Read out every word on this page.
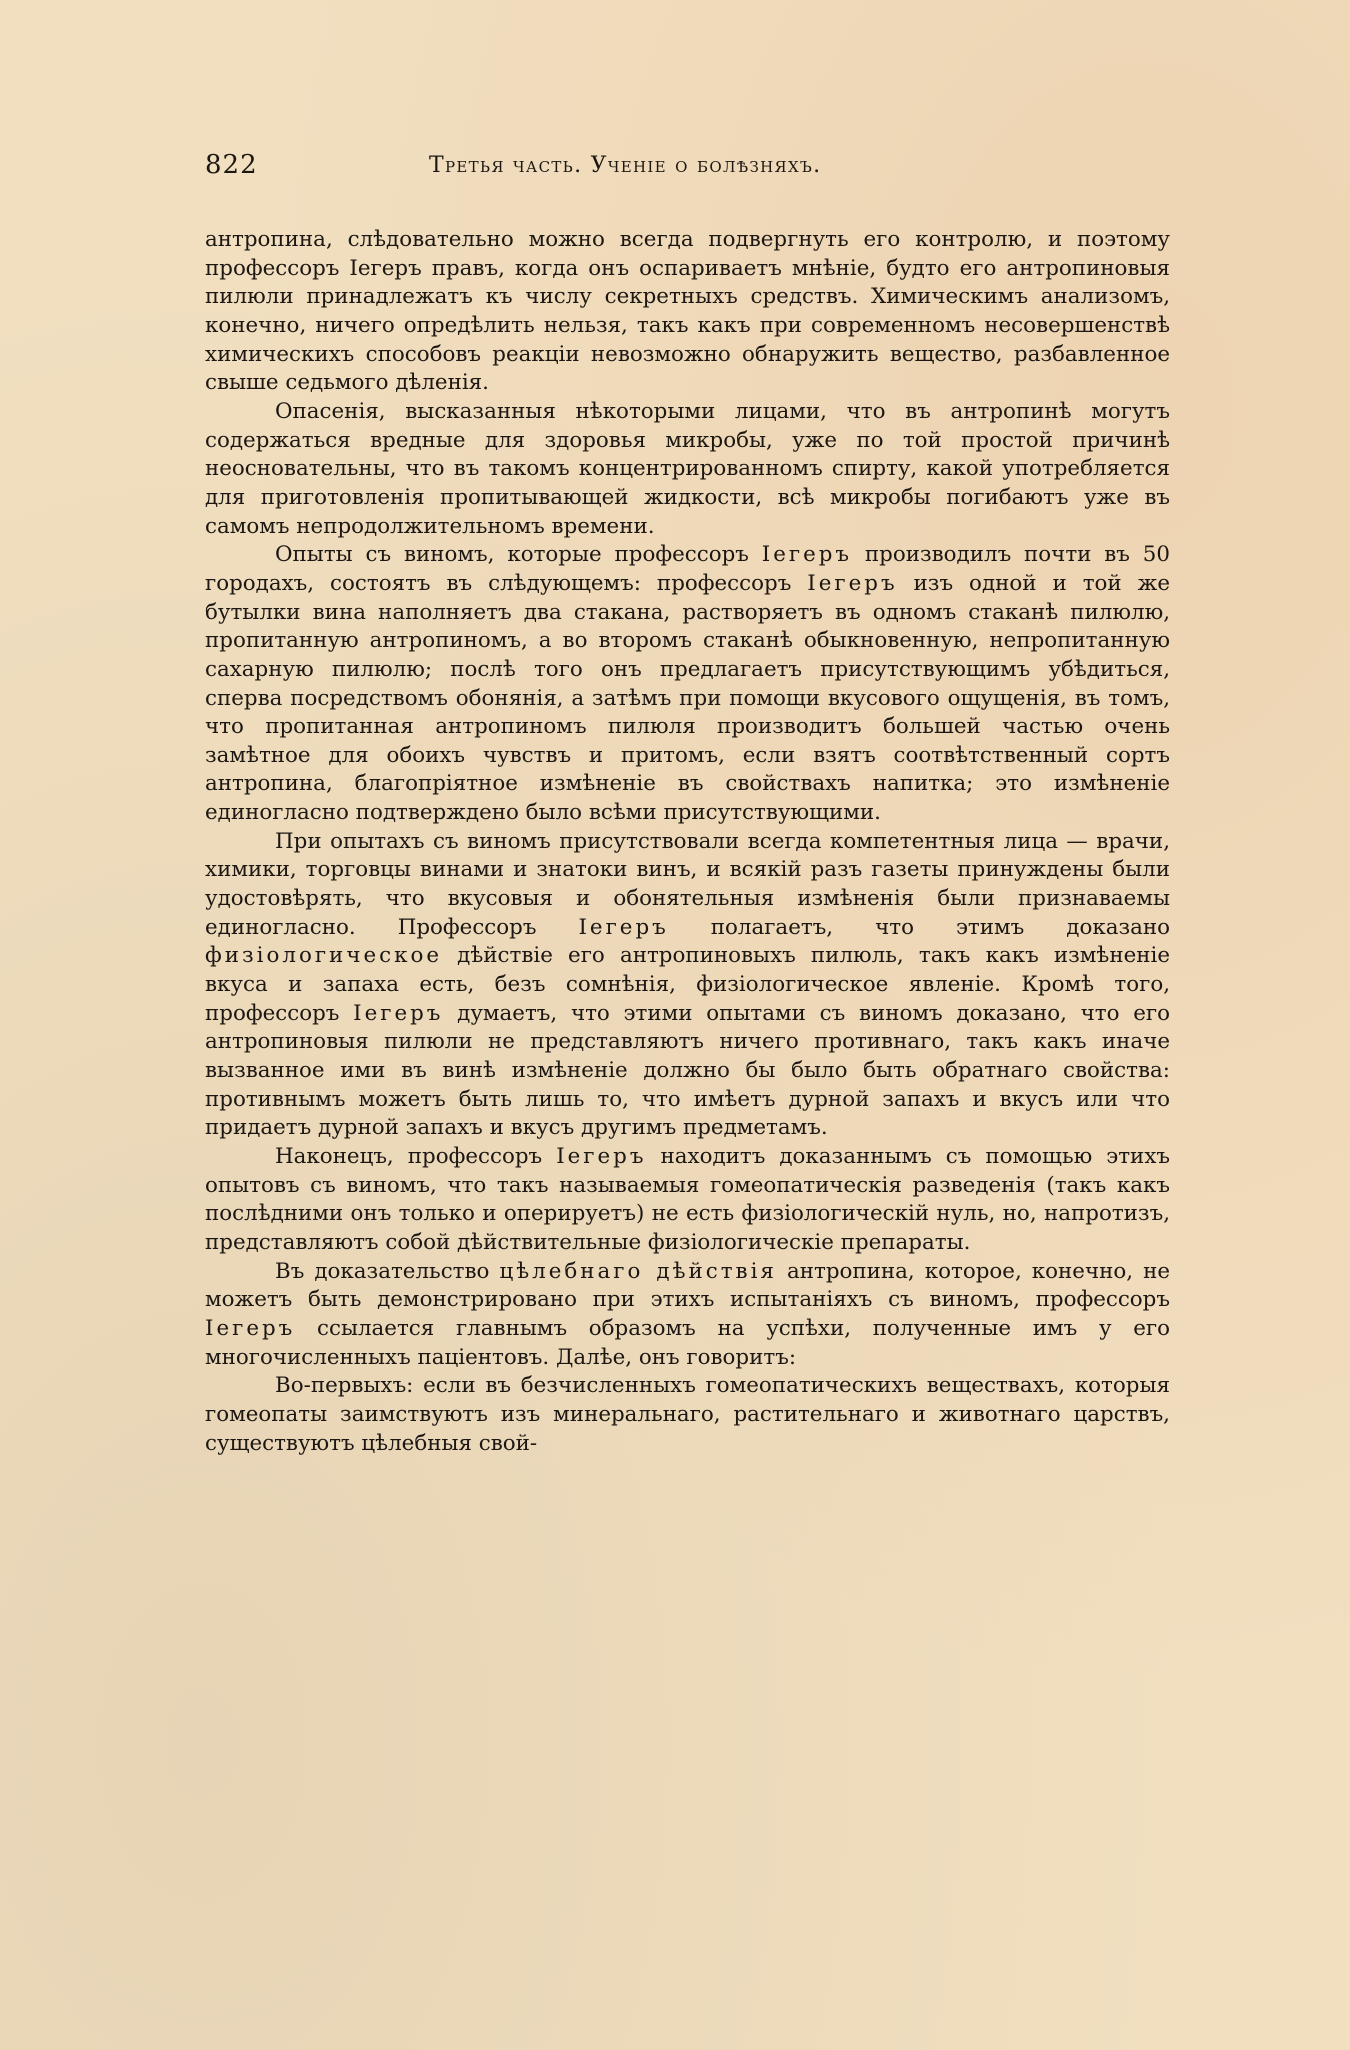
822	Третья часть. Ученіе о болѣзняхъ.

антропина, слѣдовательно можно всегда подвергнуть его контролю, и поэтому профессоръ Іегеръ правъ, когда онъ оспариваетъ мнѣніе, будто его антропиновыя пилюли принадлежатъ къ числу секретныхъ средствъ. Химическимъ анализомъ, конечно, ничего опредѣлить нельзя, такъ какъ при современномъ несовершенствѣ химическихъ способовъ реакціи невозможно обнаружить вещество, разбавленное свыше седьмого дѣленія.

Опасенія, высказанныя нѣкоторыми лицами, что въ антропинѣ могутъ содержаться вредные для здоровья микробы, уже по той простой причинѣ неосновательны, что въ такомъ концентрированномъ спирту, какой употребляется для приготовленія пропитывающей жидкости, всѣ микробы погибаютъ уже въ самомъ непродолжительномъ времени.

Опыты съ виномъ, которые профессоръ Іегеръ производилъ почти въ 50 городахъ, состоятъ въ слѣдующемъ: профессоръ Іегеръ изъ одной и той же бутылки вина наполняетъ два стакана, растворяетъ въ одномъ стаканѣ пилюлю, пропитанную антропиномъ, а во второмъ стаканѣ обыкновенную, непропитанную сахарную пилюлю; послѣ того онъ предлагаетъ присутствующимъ убѣдиться, сперва посредствомъ обонянія, а затѣмъ при помощи вкусового ощущенія, въ томъ, что пропитанная антропиномъ пилюля производитъ большей частью очень замѣтное для обоихъ чувствъ и притомъ, если взятъ соотвѣтственный сортъ антропина, благопріятное измѣненіе въ свойствахъ напитка; это измѣненіе единогласно подтверждено было всѣми присутствующими.

При опытахъ съ виномъ присутствовали всегда компетентныя лица — врачи, химики, торговцы винами и знатоки винъ, и всякій разъ газеты принуждены были удостовѣрять, что вкусовыя и обонятельныя измѣненія были признаваемы единогласно. Профессоръ Іегеръ полагаетъ, что этимъ доказано физіологическое дѣйствіе его антропиновыхъ пилюль, такъ какъ измѣненіе вкуса и запаха есть, безъ сомнѣнія, физіологическое явленіе. Кромѣ того, профессоръ Іегеръ думаетъ, что этими опытами съ виномъ доказано, что его антропиновыя пилюли не представляютъ ничего противнаго, такъ какъ иначе вызванное ими въ винѣ измѣненіе должно бы было быть обратнаго свойства: противнымъ можетъ быть лишь то, что имѣетъ дурной запахъ и вкусъ или что придаетъ дурной запахъ и вкусъ другимъ предметамъ.

Наконецъ, профессоръ Іегеръ находитъ доказаннымъ съ помощью этихъ опытовъ съ виномъ, что такъ называемыя гомеопатическія разведенія (такъ какъ послѣдними онъ только и оперируетъ) не есть физіологическій нуль, но, напротизъ, представляютъ собой дѣйствительные физіологическіе препараты.

Въ доказательство цѣлебнаго дѣйствія антропина, которое, конечно, не можетъ быть демонстрировано при этихъ испытаніяхъ съ виномъ, профессоръ Іегеръ ссылается главнымъ образомъ на успѣхи, полученные имъ у его многочисленныхъ паціентовъ. Далѣе, онъ говоритъ:

Во-первыхъ: если въ безчисленныхъ гомеопатическихъ веществахъ, которыя гомеопаты заимствуютъ изъ минеральнаго, растительнаго и животнаго царствъ, существуютъ цѣлебныя свой-
